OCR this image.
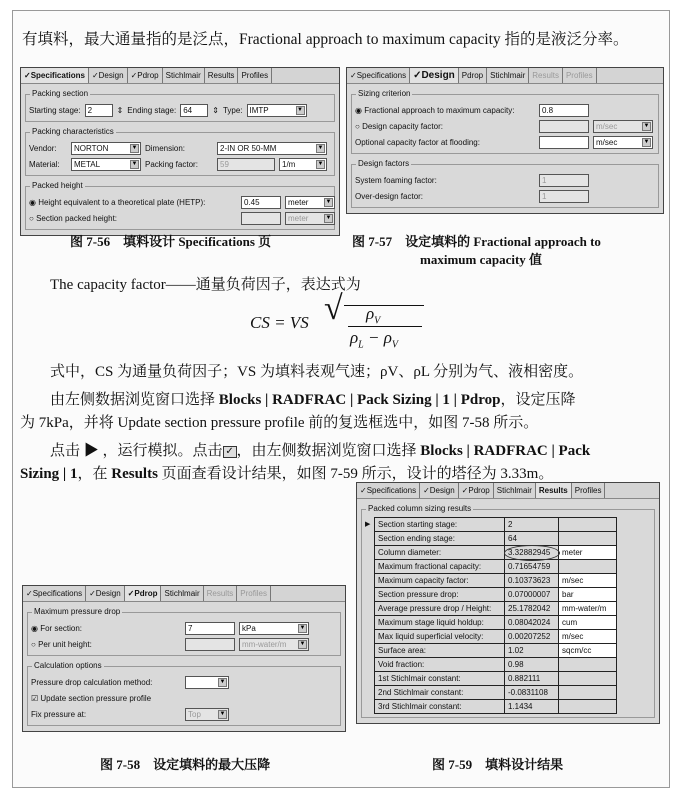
有填料，最大通量指的是泛点，Fractional approach to maximum capacity 指的是液泛分率。
✓Specifications ✓Design ✓Pdrop Stichlmair Results Profiles
Packing section
Starting stage: 2	⇕ Ending stage: 64	⇕ Type: IMTP	▼
Packing characteristics
Vendor:	NORTON	▼ Dimension:	2-IN OR 50-MM	▼
Material:	METAL	▼ Packing factor:	59	1/m	▼
Packed height
◉ Height equivalent to a theoretical plate (HETP):	0.45	meter	▼
○ Section packed height:	meter	▼
图 7-56　填料设计 Specifications 页
✓Specifications ✓Design Pdrop Stichlmair Results Profiles
Sizing criterion
◉ Fractional approach to maximum capacity:	0.8
○ Design capacity factor:	m/sec	▼
Optional capacity factor at flooding:	m/sec	▼
Design factors
System foaming factor:	1
Over-design factor:	1
图 7-57　设定填料的 Fractional approach to
maximum capacity 值
The capacity factor——通量负荷因子，表达式为
CS = VS √ $\rho_V$
$\rho_L - \rho_V$
式中，CS 为通量负荷因子；VS 为填料表观气速；ρV、ρL 分别为气、液相密度。
由左侧数据浏览窗口选择 Blocks | RADFRAC | Pack Sizing | 1 | Pdrop，设定压降
为 7kPa，并将 Update section pressure profile 前的复选框选中，如图 7-58 所示。
点击 ▶ ，运行模拟。点击 ✓ ，由左侧数据浏览窗口选择 Blocks | RADFRAC | Pack
Sizing | 1，在 Results 页面查看设计结果，如图 7-59 所示，设计的塔径为 3.33m。
✓Specifications ✓Design ✓Pdrop Stichlmair Results Profiles
Maximum pressure drop
◉ For section:	7	kPa	▼
○ Per unit height:	mm-water/m ▼
Calculation options
Pressure drop calculation method:	▼
☑ Update section pressure profile
Fix pressure at:	Top	▼
图 7-58　设定填料的最大压降
✓Specifications ✓Design ✓Pdrop Stichlmair Results Profiles
Packed column sizing results
▶ Section starting stage:	2	
Section ending stage:	64	
Column diameter:	3.32882945	meter
Maximum fractional capacity:	0.71654759	
Maximum capacity factor:	0.10373623	m/sec
Section pressure drop:	0.07000007	bar
Average pressure drop / Height:	25.1782042	mm-water/m
Maximum stage liquid holdup:	0.08042024	cum
Max liquid superficial velocity:	0.00207252	m/sec
Surface area:	1.02	sqcm/cc
Void fraction:	0.98	
1st Stichlmair constant:	0.882111	
2nd Stichlmair constant:	-0.0831108	
3rd Stichlmair constant:	1.1434	
图 7-59　填料设计结果
